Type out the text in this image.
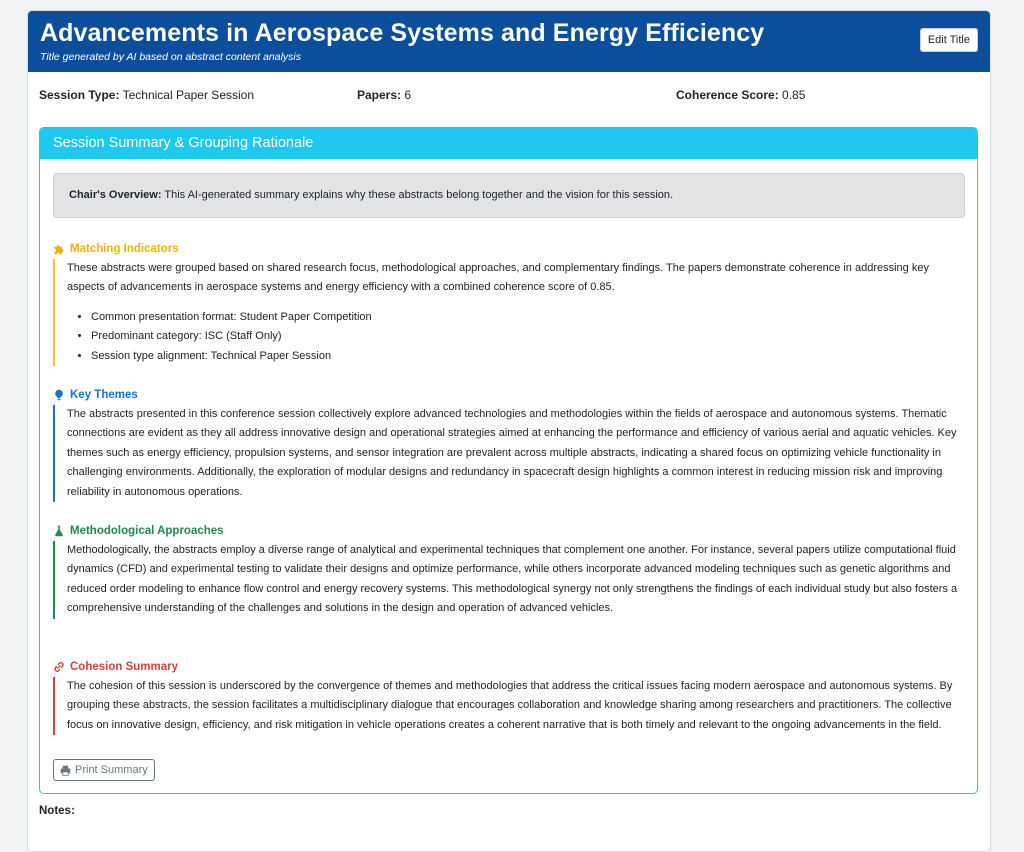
Advancements in Aerospace Systems and Energy Efficiency
Title generated by AI based on abstract content analysis
Edit Title
Session Type: Technical Paper Session	Papers: 6	Coherence Score: 0.85
Session Summary & Grouping Rationale
Chair's Overview: This AI-generated summary explains why these abstracts belong together and the vision for this session.
Matching Indicators

These abstracts were grouped based on shared research focus, methodological approaches, and complementary findings. The papers demonstrate coherence in addressing key aspects of advancements in aerospace systems and energy efficiency with a combined coherence score of 0.85.

• Common presentation format: Student Paper Competition
• Predominant category: ISC (Staff Only)
• Session type alignment: Technical Paper Session
Key Themes

The abstracts presented in this conference session collectively explore advanced technologies and methodologies within the fields of aerospace and autonomous systems. Thematic connections are evident as they all address innovative design and operational strategies aimed at enhancing the performance and efficiency of various aerial and aquatic vehicles. Key themes such as energy efficiency, propulsion systems, and sensor integration are prevalent across multiple abstracts, indicating a shared focus on optimizing vehicle functionality in challenging environments. Additionally, the exploration of modular designs and redundancy in spacecraft design highlights a common interest in reducing mission risk and improving reliability in autonomous operations.

Methodological Approaches

Methodologically, the abstracts employ a diverse range of analytical and experimental techniques that complement one another. For instance, several papers utilize computational fluid dynamics (CFD) and experimental testing to validate their designs and optimize performance, while others incorporate advanced modeling techniques such as genetic algorithms and reduced order modeling to enhance flow control and energy recovery systems. This methodological synergy not only strengthens the findings of each individual study but also fosters a comprehensive understanding of the challenges and solutions in the design and operation of advanced vehicles.

Cohesion Summary

The cohesion of this session is underscored by the convergence of themes and methodologies that address the critical issues facing modern aerospace and autonomous systems. By grouping these abstracts, the session facilitates a multidisciplinary dialogue that encourages collaboration and knowledge sharing among researchers and practitioners. The collective focus on innovative design, efficiency, and risk mitigation in vehicle operations creates a coherent narrative that is both timely and relevant to the ongoing advancements in the field.

Print Summary
Notes:
